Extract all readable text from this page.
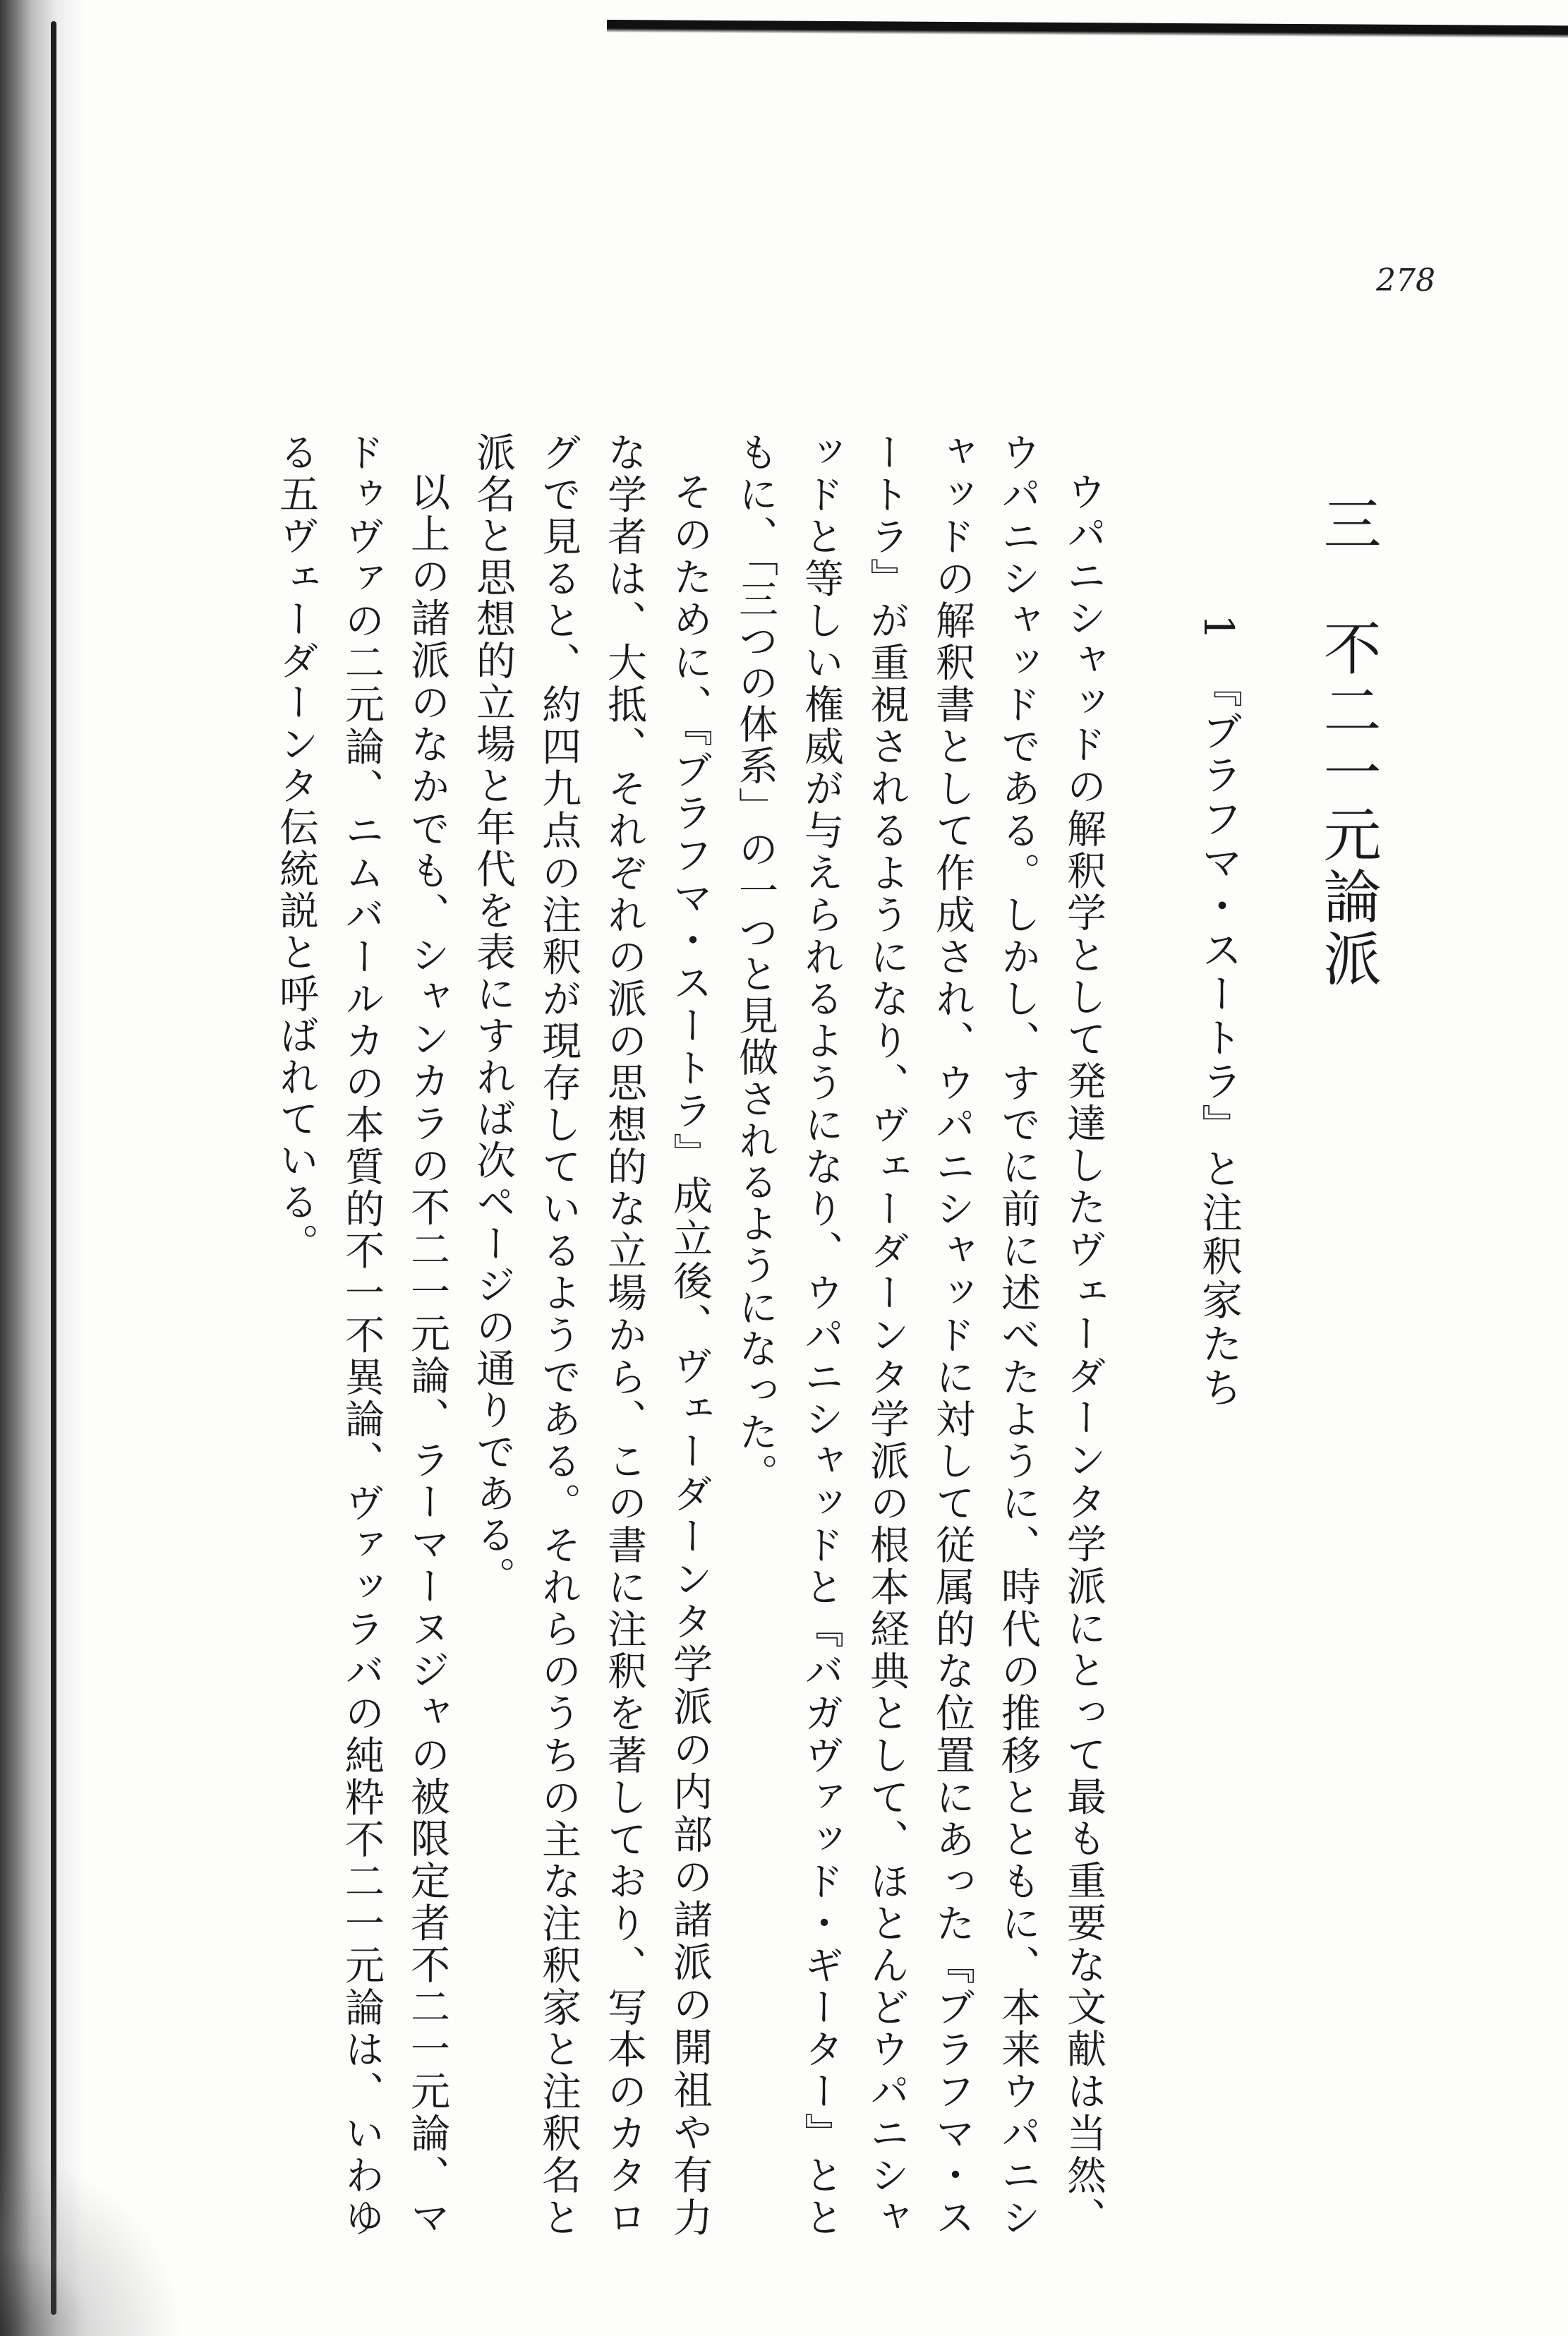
278
三　不二一元論派
1　『ブラフマ・スートラ』と注釈家たち

ウパニシャッドの解釈学として発達したヴェーダーンタ学派にとって最も重要な文献は当然、ウパニシャッドである。しかし、すでに前に述べたように、時代の推移とともに、本来ウパニシャッドの解釈書として作成され、ウパニシャッドに対して従属的な位置にあった『ブラフマ・スートラ』が重視されるようになり、ヴェーダーンタ学派の根本経典として、ほとんどウパニシャッドと等しい権威が与えられるようになり、ウパニシャッドと『バガヴァッド・ギーター』とともに、「三つの体系」の一つと見做されるようになった。

そのために、『ブラフマ・スートラ』成立後、ヴェーダーンタ学派の内部の諸派の開祖や有力な学者は、大抵、それぞれの派の思想的な立場から、この書に注釈を著しており、写本のカタログで見ると、約四九点の注釈が現存しているようである。それらのうちの主な注釈家と注釈名と派名と思想的立場と年代を表にすれば次ページの通りである。

以上の諸派のなかでも、シャンカラの不二一元論、ラーマーヌジャの被限定者不二一元論、マドゥヴァの二元論、ニムバールカの本質的不一不異論、ヴァッラバの純粋不二一元論は、いわゆる五ヴェーダーンタ伝統説と呼ばれている。
